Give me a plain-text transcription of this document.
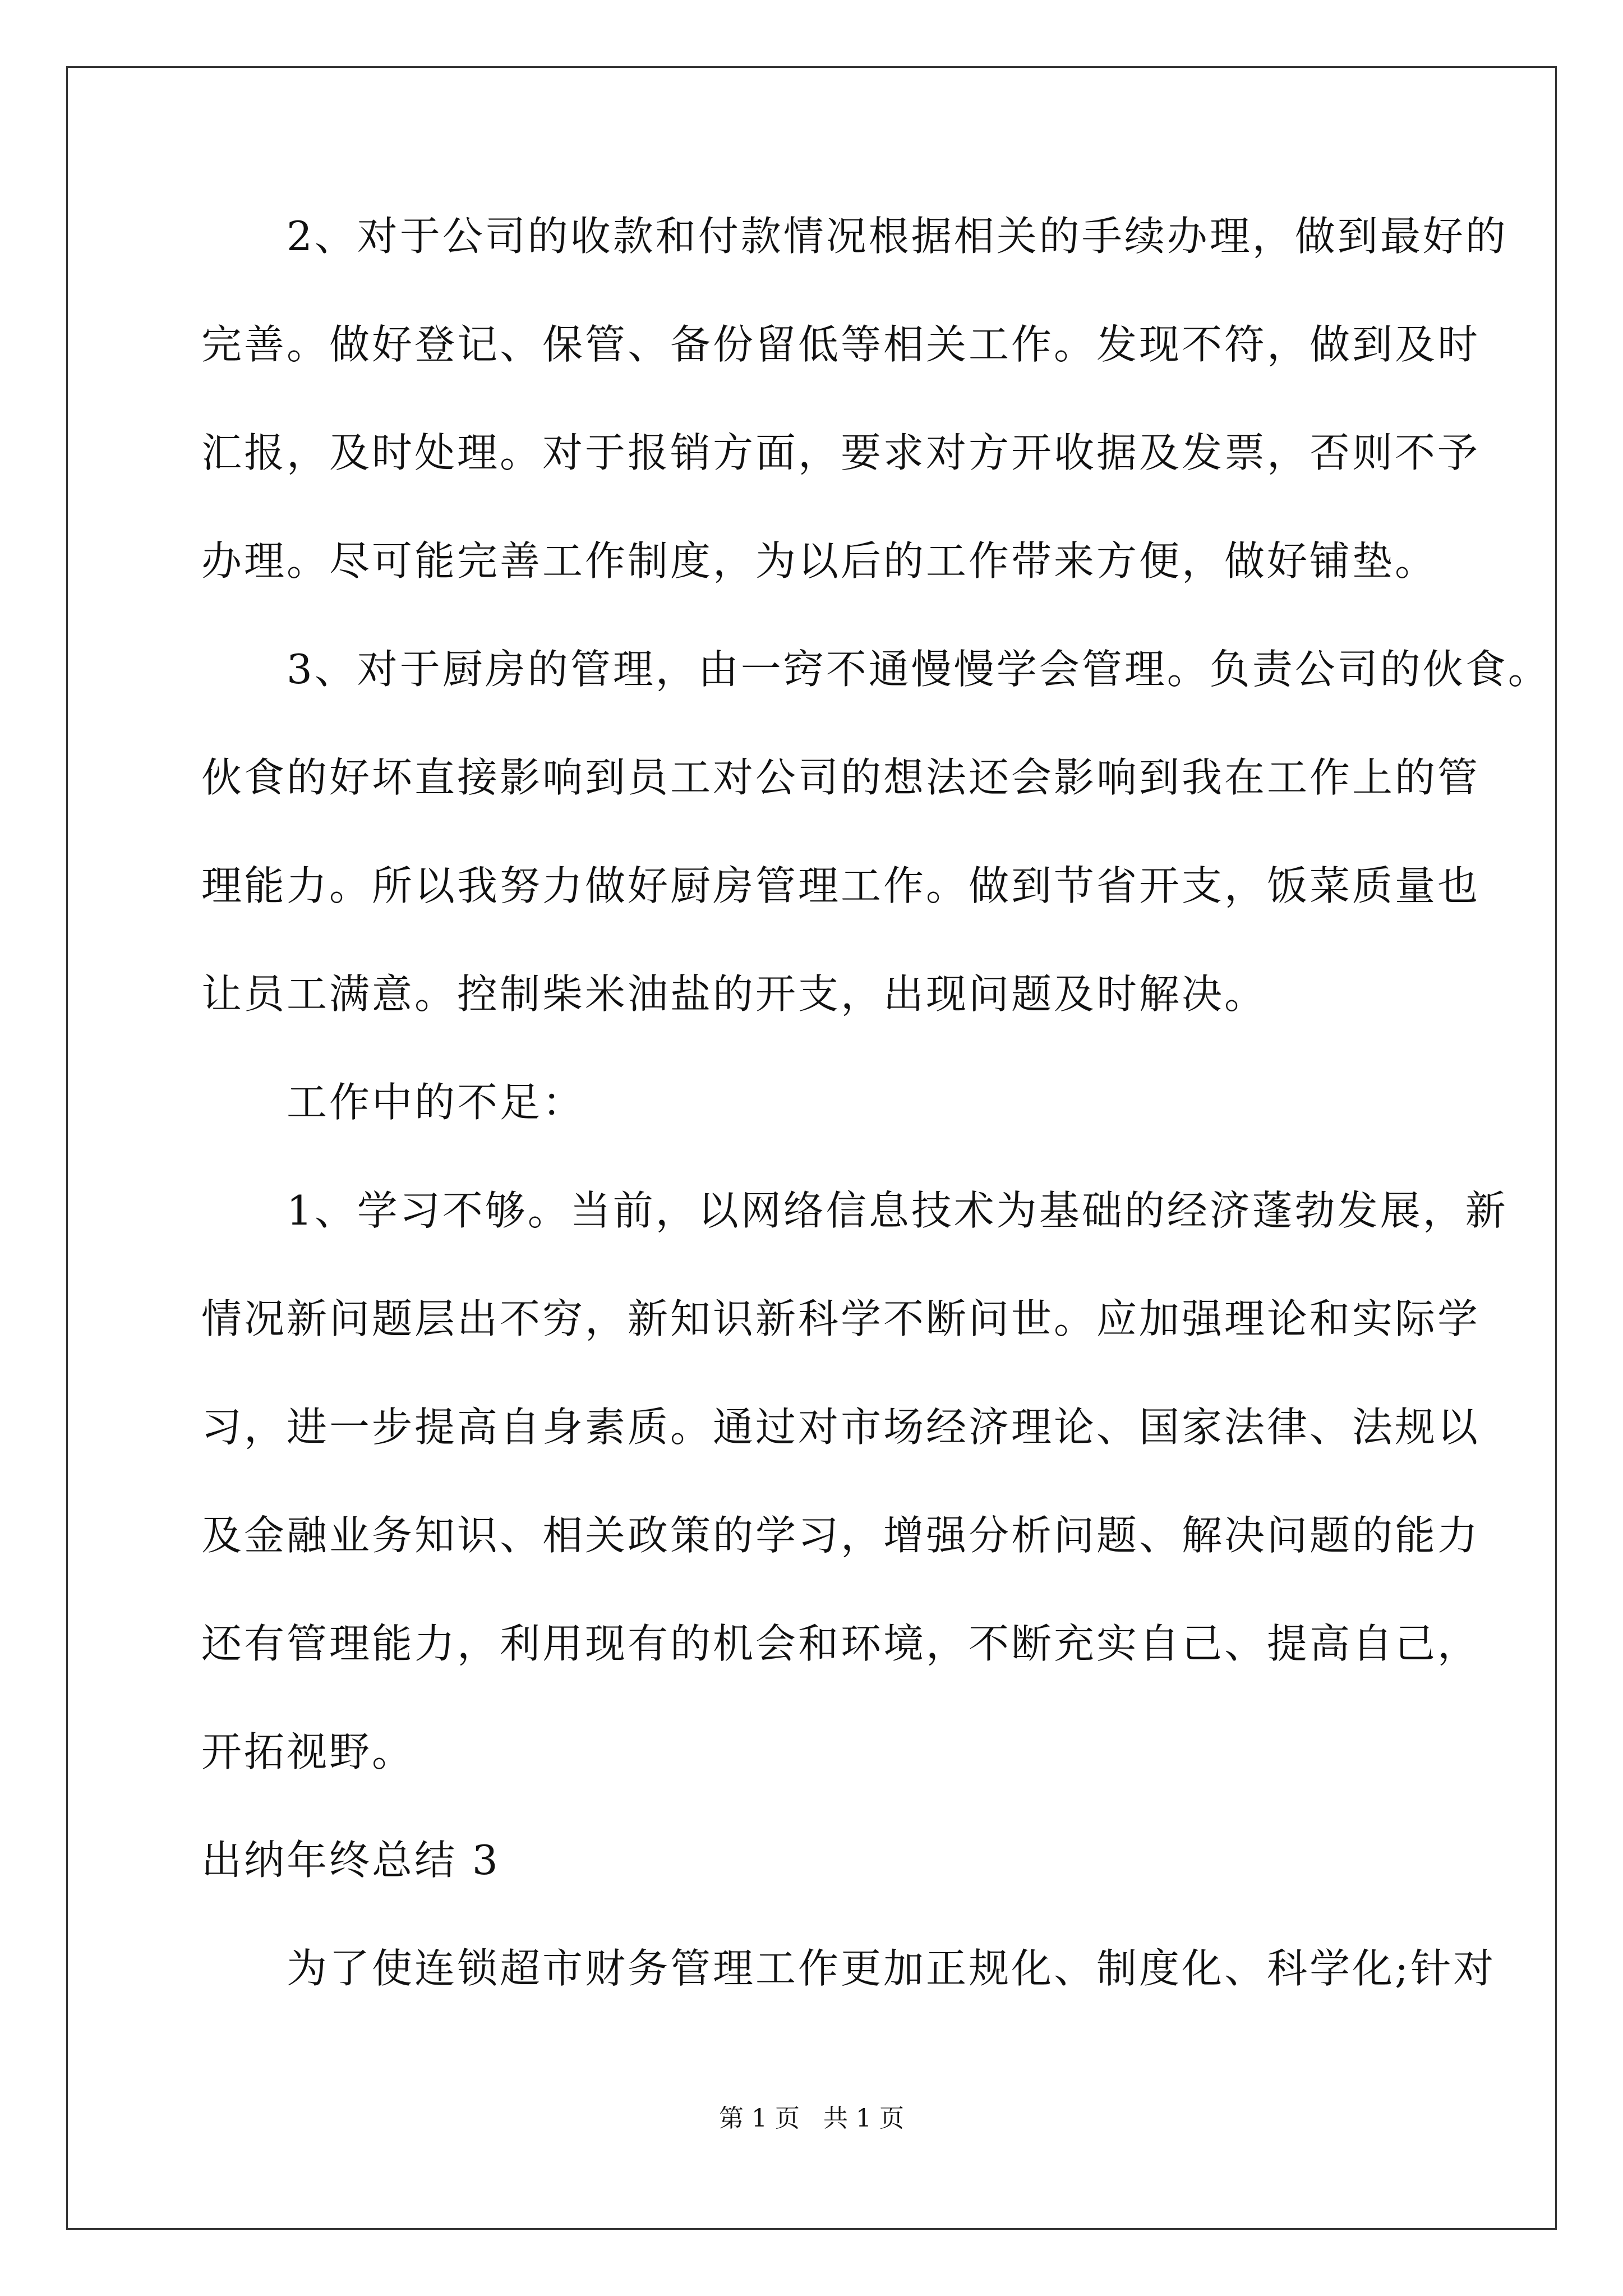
　　2、对于公司的收款和付款情况根据相关的手续办理，做到最好的
完善。做好登记、保管、备份留低等相关工作。发现不符，做到及时
汇报，及时处理。对于报销方面，要求对方开收据及发票，否则不予
办理。尽可能完善工作制度，为以后的工作带来方便，做好铺垫。
　　3、对于厨房的管理，由一窍不通慢慢学会管理。负责公司的伙食。
伙食的好坏直接影响到员工对公司的想法还会影响到我在工作上的管
理能力。所以我努力做好厨房管理工作。做到节省开支，饭菜质量也
让员工满意。控制柴米油盐的开支，出现问题及时解决。
　　工作中的不足：
　　1、学习不够。当前，以网络信息技术为基础的经济蓬勃发展，新
情况新问题层出不穷，新知识新科学不断问世。应加强理论和实际学
习，进一步提高自身素质。通过对市场经济理论、国家法律、法规以
及金融业务知识、相关政策的学习，增强分析问题、解决问题的能力
还有管理能力，利用现有的机会和环境，不断充实自己、提高自己，
开拓视野。
出纳年终总结 3
　　为了使连锁超市财务管理工作更加正规化、制度化、科学化;针对
第 1 页   共 1 页
